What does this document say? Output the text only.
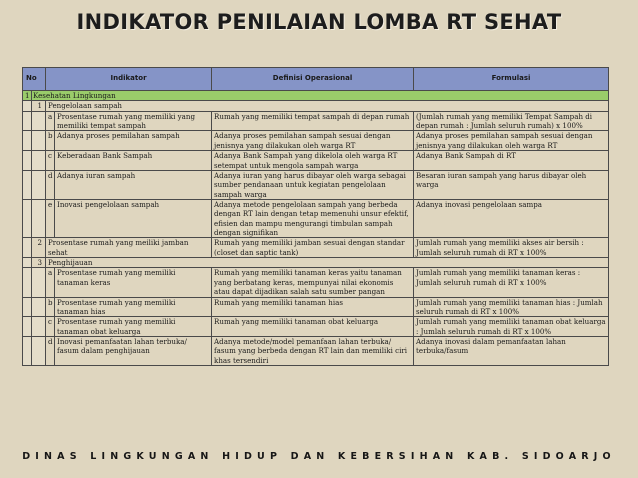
INDIKATOR PENILAIAN LOMBA RT SEHAT
No		Indikator		Definisi Operasional	Formulasi
1	Kesehatan Lingkungan				
	1	Pengelolaan sampah			
		a	Prosentase rumah yang memiliki yang memiliki tempat sampah	Rumah yang memiliki tempat sampah di depan rumah	(Jumlah rumah yang memiliki Tempat Sampah di depan rumah : Jumlah seluruh rumah) x 100%
		b	Adanya proses pemilahan sampah	Adanya proses pemilahan sampah sesuai dengan jenisnya yang dilakukan oleh warga RT	Adanya proses pemilahan sampah sesuai dengan jenisnya yang dilakukan oleh warga RT
		c	Keberadaan Bank Sampah	Adanya Bank Sampah yang dikelola oleh warga RT setempat untuk mengola sampah warga	Adanya Bank Sampah di RT
		d	Adanya iuran sampah	Adanya iuran yang harus dibayar oleh warga sebagai sumber pendanaan untuk kegiatan pengelolaan sampah warga	Besaran iuran sampah yang harus dibayar oleh warga
		e	Inovasi pengelolaan sampah	Adanya metode pengelolaan sampah yang berbeda dengan RT lain dengan tetap memenuhi unsur efektif, efisien dan mampu mengurangi timbulan sampah dengan signifikan	Adanya inovasi pengelolaan sampa
	2	Prosentase rumah yang meiliki jamban sehat		Rumah yang memiliki jamban sesuai dengan standar (closet dan saptic tank)	Jumlah rumah yang memiliki akses air bersih : Jumlah seluruh rumah di RT x 100%
	3	Penghijauan			
		a	Prosentase rumah yang memiliki tanaman keras	Rumah yang memiliki tanaman keras yaitu tanaman yang berbatang keras, mempunyai nilai ekonomis atau dapat dijadikan salah satu sumber pangan	Jumlah rumah yang memiliki tanaman keras : Jumlah seluruh rumah di RT x 100%
		b	Prosentase rumah yang memiliki tanaman hias	Rumah yang memiliki tanaman hias	Jumlah rumah yang memiliki tanaman hias : Jumlah seluruh rumah di RT x 100%
		c	Prosentase rumah yang memiliki tanaman obat keluarga	Rumah yang memiliki tanaman obat keluarga	Jumlah rumah yang memiliki tanaman obat keluarga : Jumlah seluruh rumah di RT x 100%
		d	Inovasi pemanfaatan lahan terbuka/ fasum dalam penghijauan	Adanya metode/model pemanfaan lahan terbuka/ fasum yang berbeda dengan RT lain dan memiliki ciri khas tersendiri	Adanya inovasi dalam pemanfaatan lahan terbuka/fasum
DINAS LINGKUNGAN HIDUP DAN KEBERSIHAN KAB. SIDOARJO
